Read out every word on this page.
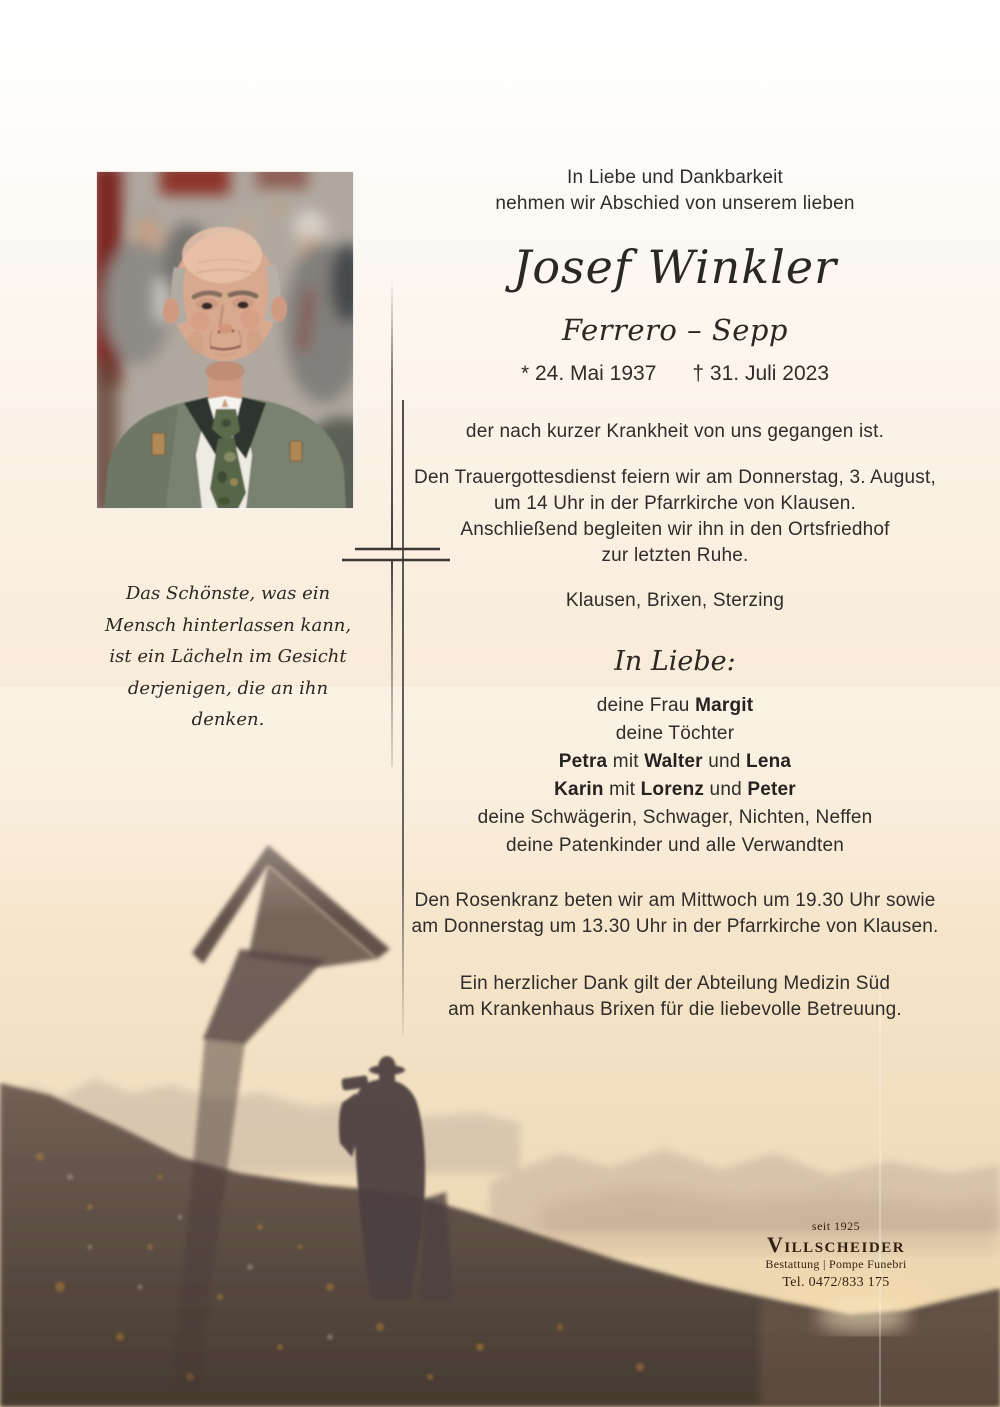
In Liebe und Dankbarkeit
nehmen wir Abschied von unserem lieben
Josef Winkler
Ferrero – Sepp
* 24. Mai 1937 † 31. Juli 2023
der nach kurzer Krankheit von uns gegangen ist.
Den Trauergottesdienst feiern wir am Donnerstag, 3. August,
um 14 Uhr in der Pfarrkirche von Klausen.
Anschließend begleiten wir ihn in den Ortsfriedhof
zur letzten Ruhe.
Klausen, Brixen, Sterzing
In Liebe:
deine Frau Margit
deine Töchter
Petra mit Walter und Lena
Karin mit Lorenz und Peter
deine Schwägerin, Schwager, Nichten, Neffen
deine Patenkinder und alle Verwandten
Den Rosenkranz beten wir am Mittwoch um 19.30 Uhr sowie
am Donnerstag um 13.30 Uhr in der Pfarrkirche von Klausen.
Ein herzlicher Dank gilt der Abteilung Medizin Süd
am Krankenhaus Brixen für die liebevolle Betreuung.
Das Schönste, was ein
Mensch hinterlassen kann,
ist ein Lächeln im Gesicht
derjenigen, die an ihn
denken.
seit 1925
Villscheider
Bestattung | Pompe Funebri
Tel. 0472/833 175
